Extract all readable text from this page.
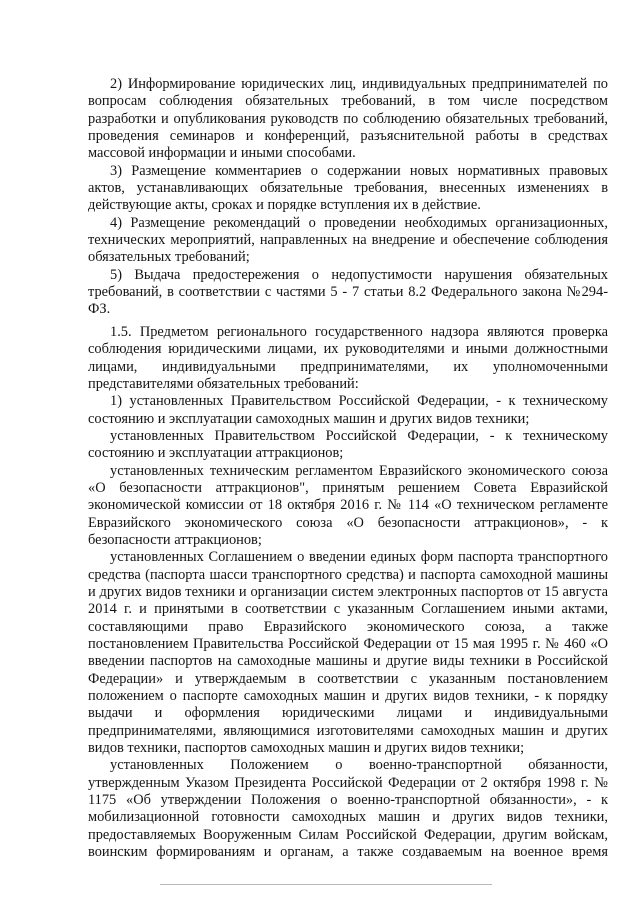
2) Информирование юридических лиц, индивидуальных предпринимателей по вопросам соблюдения обязательных требований, в том числе посредством разработки и опубликования руководств по соблюдению обязательных требований, проведения семинаров и конференций, разъяснительной работы в средствах массовой информации и иными способами.

3) Размещение комментариев о содержании новых нормативных правовых актов, устанавливающих обязательные требования, внесенных изменениях в действующие акты, сроках и порядке вступления их в действие.

4) Размещение рекомендаций о проведении необходимых организационных, технических мероприятий, направленных на внедрение и обеспечение соблюдения обязательных требований;

5) Выдача предостережения о недопустимости нарушения обязательных требований, в соответствии с частями 5 - 7 статьи 8.2 Федерального закона №294-ФЗ.

1.5. Предметом регионального государственного надзора являются проверка соблюдения юридическими лицами, их руководителями и иными должностными лицами, индивидуальными предпринимателями, их уполномоченными представителями обязательных требований:

1) установленных Правительством Российской Федерации, - к техническому состоянию и эксплуатации самоходных машин и других видов техники;

установленных Правительством Российской Федерации, - к техническому состоянию и эксплуатации аттракционов;

установленных техническим регламентом Евразийского экономического союза «О безопасности аттракционов", принятым решением Совета Евразийской экономической комиссии от 18 октября 2016 г. № 114 «О техническом регламенте Евразийского экономического союза «О безопасности аттракционов», - к безопасности аттракционов;

установленных Соглашением о введении единых форм паспорта транспортного средства (паспорта шасси транспортного средства) и паспорта самоходной машины и других видов техники и организации систем электронных паспортов от 15 августа 2014 г. и принятыми в соответствии с указанным Соглашением иными актами, составляющими право Евразийского экономического союза, а также постановлением Правительства Российской Федерации от 15 мая 1995 г. № 460 «О введении паспортов на самоходные машины и другие виды техники в Российской Федерации» и утверждаемым в соответствии с указанным постановлением положением о паспорте самоходных машин и других видов техники, - к порядку выдачи и оформления юридическими лицами и индивидуальными предпринимателями, являющимися изготовителями самоходных машин и других видов техники, паспортов самоходных машин и других видов техники;

установленных Положением о военно-транспортной обязанности, утвержденным Указом Президента Российской Федерации от 2 октября 1998 г. № 1175 «Об утверждении Положения о военно-транспортной обязанности», - к мобилизационной готовности самоходных машин и других видов техники, предоставляемых Вооруженным Силам Российской Федерации, другим войскам, воинским формированиям и органам, а также создаваемым на военное время
